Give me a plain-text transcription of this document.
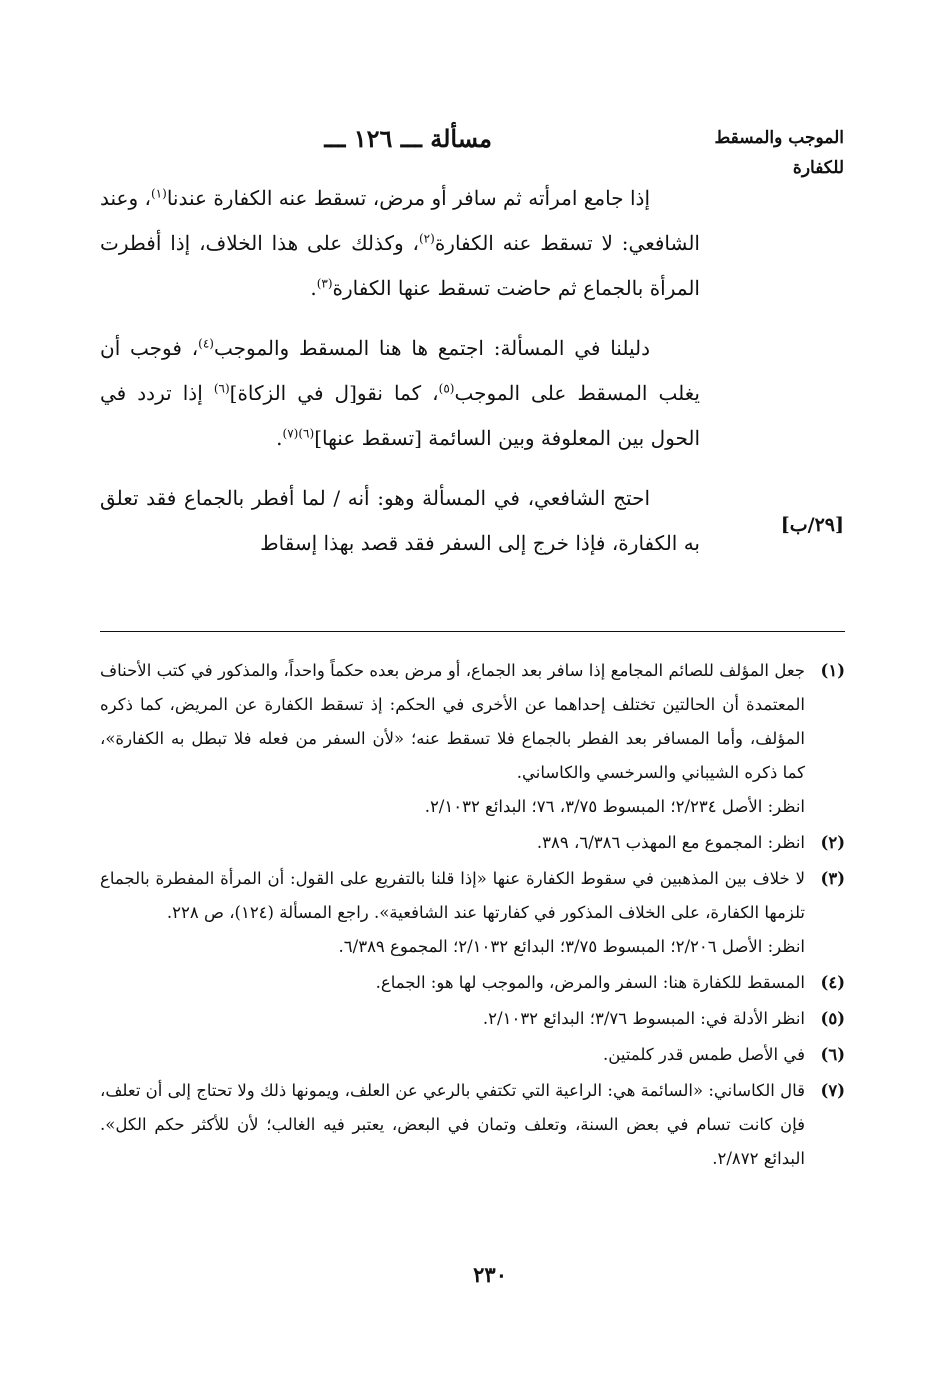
الموجب والمسقط للكفارة
مسألة ـــ ١٢٦ ـــ

إذا جامع امرأته ثم سافر أو مرض، تسقط عنه الكفارة عندنا$^{(١)}$، وعند الشافعي: لا تسقط عنه الكفارة$^{(٢)}$، وكذلك على هذا الخلاف، إذا أفطرت المرأة بالجماع ثم حاضت تسقط عنها الكفارة$^{(٣)}$.

دليلنا في المسألة: اجتمع ها هنا المسقط والموجب$^{(٤)}$، فوجب أن يغلب المسقط على الموجب$^{(٥)}$، كما نقو[ل في الزكاة]$^{(٦)}$ إذا تردد في الحول بين المعلوفة وبين السائمة [تسقط عنها]$^{(٦)(٧)}$.

احتج الشافعي، في المسألة وهو: أنه / لما أفطر بالجماع فقد تعلق به الكفارة، فإذا خرج إلى السفر فقد قصد بهذا إسقاط

[٢٩/ب]
(١)
جعل المؤلف للصائم المجامع إذا سافر بعد الجماع، أو مرض بعده حكماً واحداً، والمذكور في كتب الأحناف المعتمدة أن الحالتين تختلف إحداهما عن الأخرى في الحكم: إذ تسقط الكفارة عن المريض، كما ذكره المؤلف، وأما المسافر بعد الفطر بالجماع فلا تسقط عنه؛ «لأن السفر من فعله فلا تبطل به الكفارة»، كما ذكره الشيباني والسرخسي والكاساني.
انظر: الأصل ٢/٢٣٤؛ المبسوط ٣/٧٥، ٧٦؛ البدائع ٢/١٠٣٢.
(٢)
انظر: المجموع مع المهذب ٦/٣٨٦، ٣٨٩.
(٣)
لا خلاف بين المذهبين في سقوط الكفارة عنها «إذا قلنا بالتفريع على القول: أن المرأة المفطرة بالجماع تلزمها الكفارة، على الخلاف المذكور في كفارتها عند الشافعية». راجع المسألة (١٢٤)، ص ٢٢٨.
انظر: الأصل ٢/٢٠٦؛ المبسوط ٣/٧٥؛ البدائع ٢/١٠٣٢؛ المجموع ٦/٣٨٩.
(٤)
المسقط للكفارة هنا: السفر والمرض، والموجب لها هو: الجماع.
(٥)
انظر الأدلة في: المبسوط ٣/٧٦؛ البدائع ٢/١٠٣٢.
(٦)
في الأصل طمس قدر كلمتين.
(٧)
قال الكاساني: «السائمة هي: الراعية التي تكتفي بالرعي عن العلف، ويمونها ذلك ولا تحتاج إلى أن تعلف، فإن كانت تسام في بعض السنة، وتعلف وتمان في البعض، يعتبر فيه الغالب؛ لأن للأكثر حكم الكل». البدائع ٢/٨٧٢.
٢٣٠
